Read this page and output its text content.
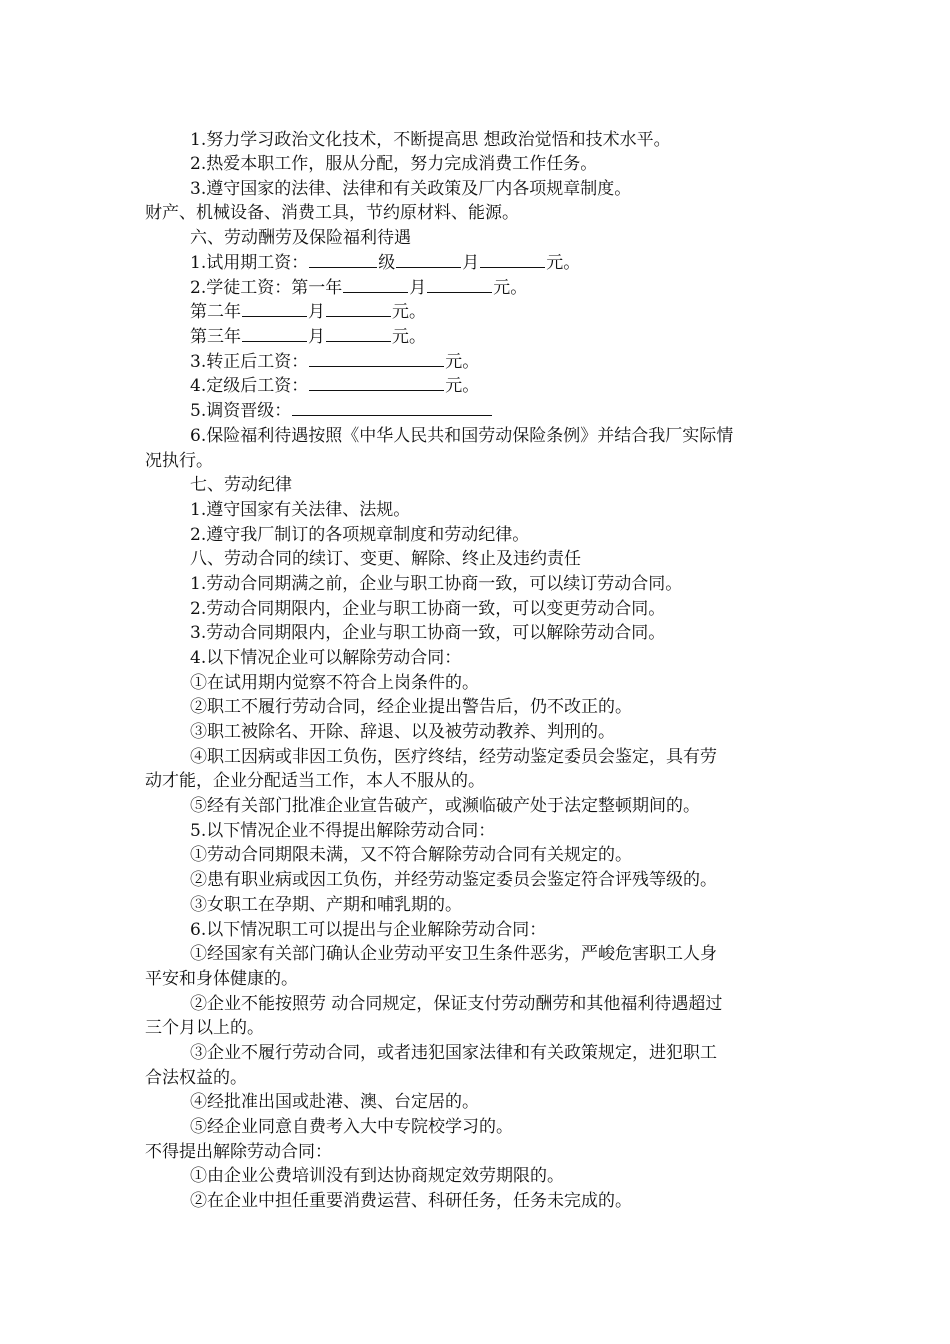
1.努力学习政治文化技术，不断提高思 想政治觉悟和技术水平。
2.热爱本职工作，服从分配，努力完成消费工作任务。
3.遵守国家的法律、法律和有关政策及厂内各项规章制度。
财产、机械设备、消费工具，节约原材料、能源。
六、劳动酬劳及保险福利待遇
1.试用期工资：	级	月	元。
2.学徒工资：第一年	月	元。
第二年	月	元。
第三年	月	元。
3.转正后工资：	元。
4.定级后工资：	元。
5.调资晋级：
6.保险福利待遇按照《中华人民共和国劳动保险条例》并结合我厂实际情
况执行。
七、劳动纪律
1.遵守国家有关法律、法规。
2.遵守我厂制订的各项规章制度和劳动纪律。
八、劳动合同的续订、变更、解除、终止及违约责任
1.劳动合同期满之前，企业与职工协商一致，可以续订劳动合同。
2.劳动合同期限内，企业与职工协商一致，可以变更劳动合同。
3.劳动合同期限内，企业与职工协商一致，可以解除劳动合同。
4.以下情况企业可以解除劳动合同：
①在试用期内觉察不符合上岗条件的。
②职工不履行劳动合同，经企业提出警告后，仍不改正的。
③职工被除名、开除、辞退、以及被劳动教养、判刑的。
④职工因病或非因工负伤，医疗终结，经劳动鉴定委员会鉴定，具有劳
动才能，企业分配适当工作，本人不服从的。
⑤经有关部门批准企业宣告破产，或濒临破产处于法定整顿期间的。
5.以下情况企业不得提出解除劳动合同：
①劳动合同期限未满，又不符合解除劳动合同有关规定的。
②患有职业病或因工负伤，并经劳动鉴定委员会鉴定符合评残等级的。
③女职工在孕期、产期和哺乳期的。
6.以下情况职工可以提出与企业解除劳动合同：
①经国家有关部门确认企业劳动平安卫生条件恶劣，严峻危害职工人身
平安和身体健康的。
②企业不能按照劳 动合同规定，保证支付劳动酬劳和其他福利待遇超过
三个月以上的。
③企业不履行劳动合同，或者违犯国家法律和有关政策规定，进犯职工
合法权益的。
④经批准出国或赴港、澳、台定居的。
⑤经企业同意自费考入大中专院校学习的。
不得提出解除劳动合同：
①由企业公费培训没有到达协商规定效劳期限的。
②在企业中担任重要消费运营、科研任务，任务未完成的。
